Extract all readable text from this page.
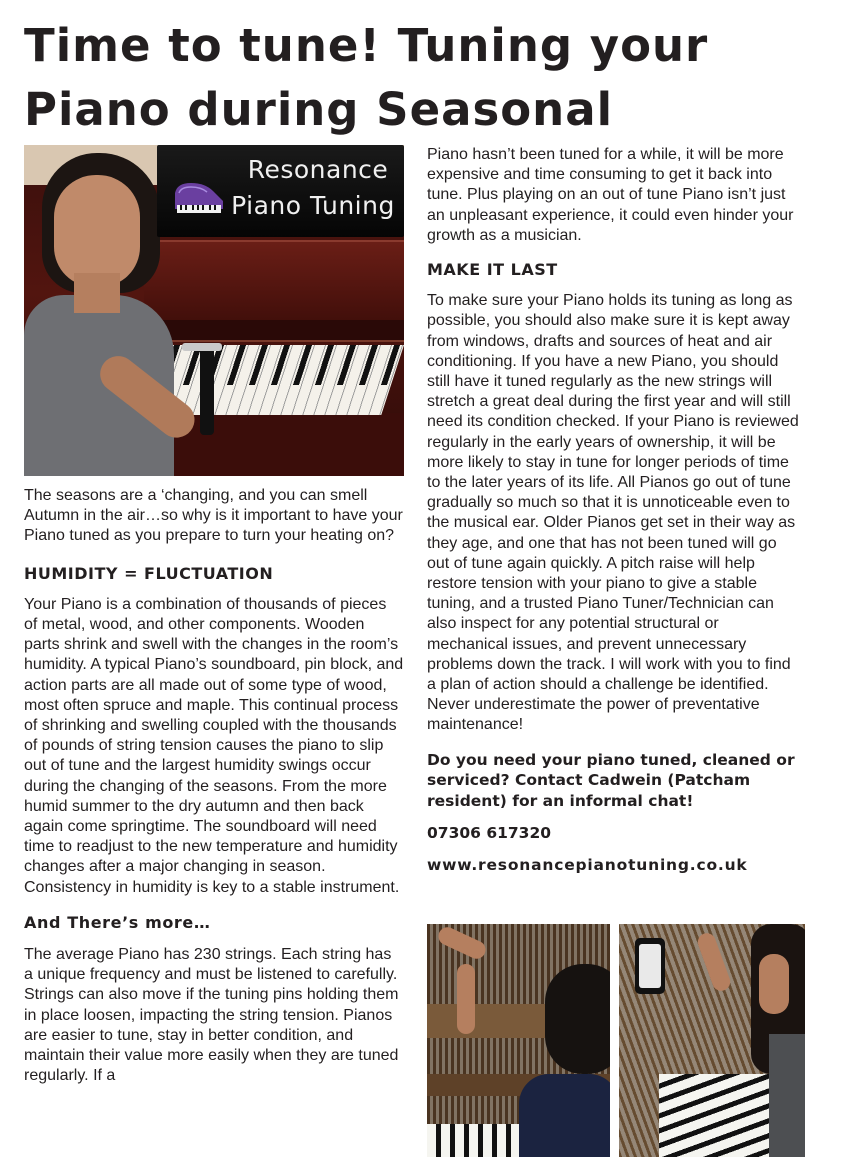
Time to tune! Tuning your Piano during Seasonal
Resonance
Piano Tuning

The seasons are a ‘changing, and you can smell Autumn in the air…so why is it important to have your Piano tuned as you prepare to turn your heating on?

HUMIDITY = FLUCTUATION

Your Piano is a combination of thousands of pieces of metal, wood, and other components. Wooden parts shrink and swell with the changes in the room’s humidity. A typical Piano’s soundboard, pin block, and action parts are all made out of some type of wood, most often spruce and maple. This continual process of shrinking and swelling coupled with the thousands of pounds of string tension causes the piano to slip out of tune and the largest humidity swings occur during the changing of the seasons. From the more humid summer to the dry autumn and then back again come springtime. The soundboard will need time to readjust to the new temperature and humidity changes after a major changing in season. Consistency in humidity is key to a stable instrument.

And There’s more…

The average Piano has 230 strings. Each string has a unique frequency and must be listened to carefully. Strings can also move if the tuning pins holding them in place loosen, impacting the string tension. Pianos are easier to tune, stay in better condition, and maintain their value more easily when they are tuned regularly. If a

Piano hasn’t been tuned for a while, it will be more expensive and time consuming to get it back into tune. Plus playing on an out of tune Piano isn’t just an unpleasant experience, it could even hinder your growth as a musician.

MAKE IT LAST

To make sure your Piano holds its tuning as long as possible, you should also make sure it is kept away from windows, drafts and sources of heat and air conditioning. If you have a new Piano, you should still have it tuned regularly as the new strings will stretch a great deal during the first year and will still need its condition checked. If your Piano is reviewed regularly in the early years of ownership, it will be more likely to stay in tune for longer periods of time to the later years of its life. All Pianos go out of tune gradually so much so that it is unnoticeable even to the musical ear. Older Pianos get set in their way as they age, and one that has not been tuned will go out of tune again quickly. A pitch raise will help restore tension with your piano to give a stable tuning, and a trusted Piano Tuner/Technician can also inspect for any potential structural or mechanical issues, and prevent unnecessary problems down the track. I will work with you to find a plan of action should a challenge be identified. Never underestimate the power of preventative maintenance!

Do you need your piano tuned, cleaned or serviced? Contact Cadwein (Patcham resident) for an informal chat!

07306 617320

www.resonancepianotuning.co.uk
